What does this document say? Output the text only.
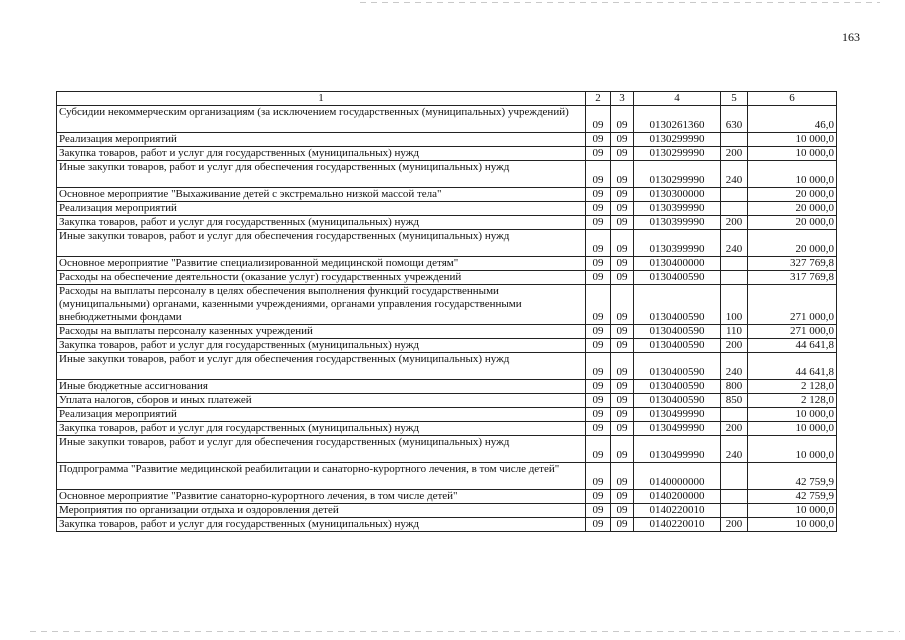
163
1	2	3	4	5	6
Субсидии некоммерческим организациям (за исключением государственных (муниципальных) учреждений)	09	09	0130261360	630	46,0
Реализация мероприятий	09	09	0130299990		10 000,0
Закупка товаров, работ и услуг для государственных (муниципальных) нужд	09	09	0130299990	200	10 000,0
Иные закупки товаров, работ и услуг для обеспечения государственных (муниципальных) нужд	09	09	0130299990	240	10 000,0
Основное мероприятие "Выхаживание детей с экстремально низкой массой тела"	09	09	0130300000		20 000,0
Реализация мероприятий	09	09	0130399990		20 000,0
Закупка товаров, работ и услуг для государственных (муниципальных) нужд	09	09	0130399990	200	20 000,0
Иные закупки товаров, работ и услуг для обеспечения государственных (муниципальных) нужд	09	09	0130399990	240	20 000,0
Основное мероприятие "Развитие специализированной медицинской помощи детям"	09	09	0130400000		327 769,8
Расходы на обеспечение деятельности (оказание услуг) государственных учреждений	09	09	0130400590		317 769,8
Расходы на выплаты персоналу в целях обеспечения выполнения функций государственными (муниципальными) органами, казенными учреждениями, органами управления государственными внебюджетными фондами	09	09	0130400590	100	271 000,0
Расходы на выплаты персоналу казенных учреждений	09	09	0130400590	110	271 000,0
Закупка товаров, работ и услуг для государственных (муниципальных) нужд	09	09	0130400590	200	44 641,8
Иные закупки товаров, работ и услуг для обеспечения государственных (муниципальных) нужд	09	09	0130400590	240	44 641,8
Иные бюджетные ассигнования	09	09	0130400590	800	2 128,0
Уплата налогов, сборов и иных платежей	09	09	0130400590	850	2 128,0
Реализация мероприятий	09	09	0130499990		10 000,0
Закупка товаров, работ и услуг для государственных (муниципальных) нужд	09	09	0130499990	200	10 000,0
Иные закупки товаров, работ и услуг для обеспечения государственных (муниципальных) нужд	09	09	0130499990	240	10 000,0
Подпрограмма "Развитие медицинской реабилитации и санаторно-курортного лечения, в том числе детей"	09	09	0140000000		42 759,9
Основное мероприятие "Развитие санаторно-курортного лечения, в том числе детей"	09	09	0140200000		42 759,9
Мероприятия по организации отдыха и оздоровления детей	09	09	0140220010		10 000,0
Закупка товаров, работ и услуг для государственных (муниципальных) нужд	09	09	0140220010	200	10 000,0
